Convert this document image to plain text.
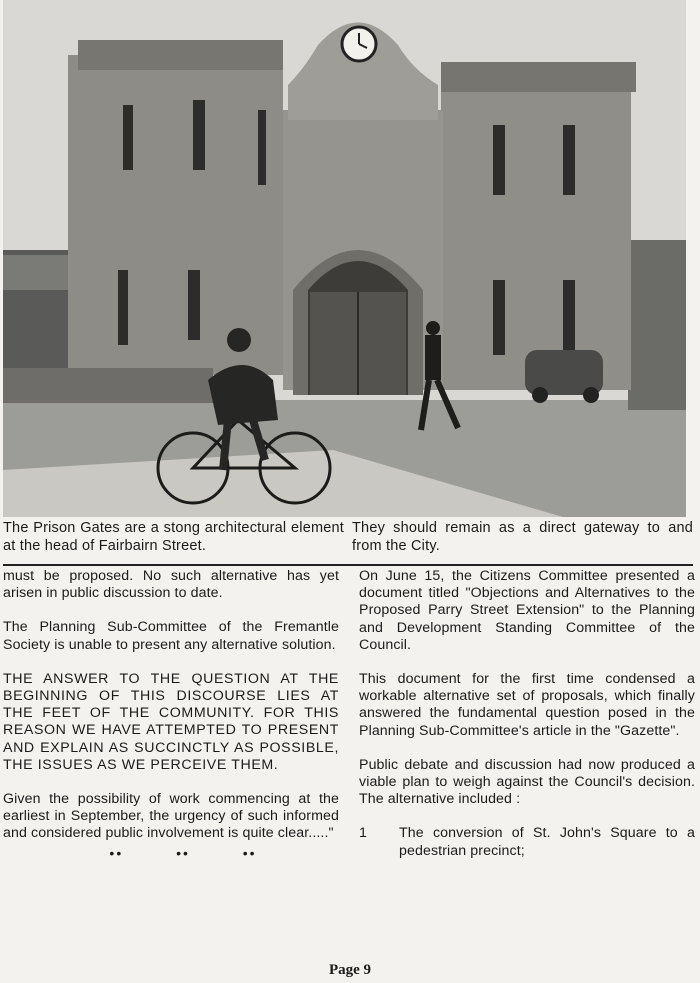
The Prison Gates are a stong architectural element at the head of Fairbairn Street.
They should remain as a direct gateway to and from the City.

must be proposed. No such alternative has yet arisen in public discussion to date.

The Planning Sub-Committee of the Fremantle Society is unable to present any alternative solution.

THE ANSWER TO THE QUESTION AT THE BEGINNING OF THIS DISCOURSE LIES AT THE FEET OF THE COMMUNITY. FOR THIS REASON WE HAVE ATTEMPTED TO PRESENT AND EXPLAIN AS SUCCINCTLY AS POSSIBLE, THE ISSUES AS WE PERCEIVE THEM.

Given the possibility of work commencing at the earliest in September, the urgency of such informed and considered public involvement is quite clear....."

••	••	••

On June 15, the Citizens Committee presented a document titled "Objections and Alternatives to the Proposed Parry Street Extension" to the Planning and Development Standing Committee of the Council.

This document for the first time condensed a workable alternative set of proposals, which finally answered the fundamental question posed in the Planning Sub-Committee's article in the "Gazette".

Public debate and discussion had now produced a viable plan to weigh against the Council's decision. The alternative included :

1 The conversion of St. John's Square to a pedestrian precinct;
Page 9
